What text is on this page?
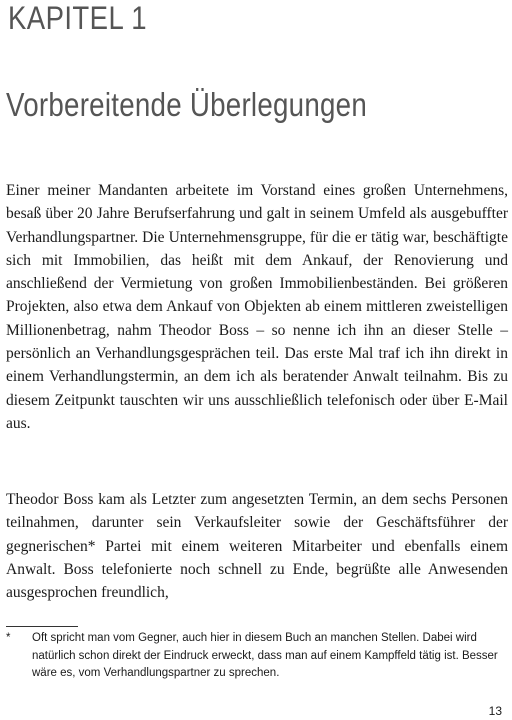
KAPITEL 1
Vorbereitende Überlegungen

Einer meiner Mandanten arbeitete im Vorstand eines großen Unternehmens, besaß über 20 Jahre Berufserfahrung und galt in seinem Umfeld als ausgebuffter Verhandlungspartner. Die Unternehmensgruppe, für die er tätig war, beschäftigte sich mit Immobilien, das heißt mit dem Ankauf, der Renovierung und anschließend der Vermietung von großen Immobilienbeständen. Bei größeren Projekten, also etwa dem Ankauf von Objekten ab einem mittleren zweistelligen Millionenbetrag, nahm Theodor Boss – so nenne ich ihn an dieser Stelle – persönlich an Verhandlungsgesprächen teil. Das erste Mal traf ich ihn direkt in einem Verhandlungstermin, an dem ich als beratender Anwalt teilnahm. Bis zu diesem Zeitpunkt tauschten wir uns ausschließlich telefonisch oder über E-Mail aus.

Theodor Boss kam als Letzter zum angesetzten Termin, an dem sechs Personen teilnahmen, darunter sein Verkaufsleiter sowie der Geschäftsführer der gegnerischen* Partei mit einem weiteren Mitarbeiter und ebenfalls einem Anwalt. Boss telefonierte noch schnell zu Ende, begrüßte alle Anwesenden ausgesprochen freundlich,

* Oft spricht man vom Gegner, auch hier in diesem Buch an manchen Stellen. Dabei wird natürlich schon direkt der Eindruck erweckt, dass man auf einem Kampffeld tätig ist. Besser wäre es, vom Verhandlungspartner zu sprechen.

13
